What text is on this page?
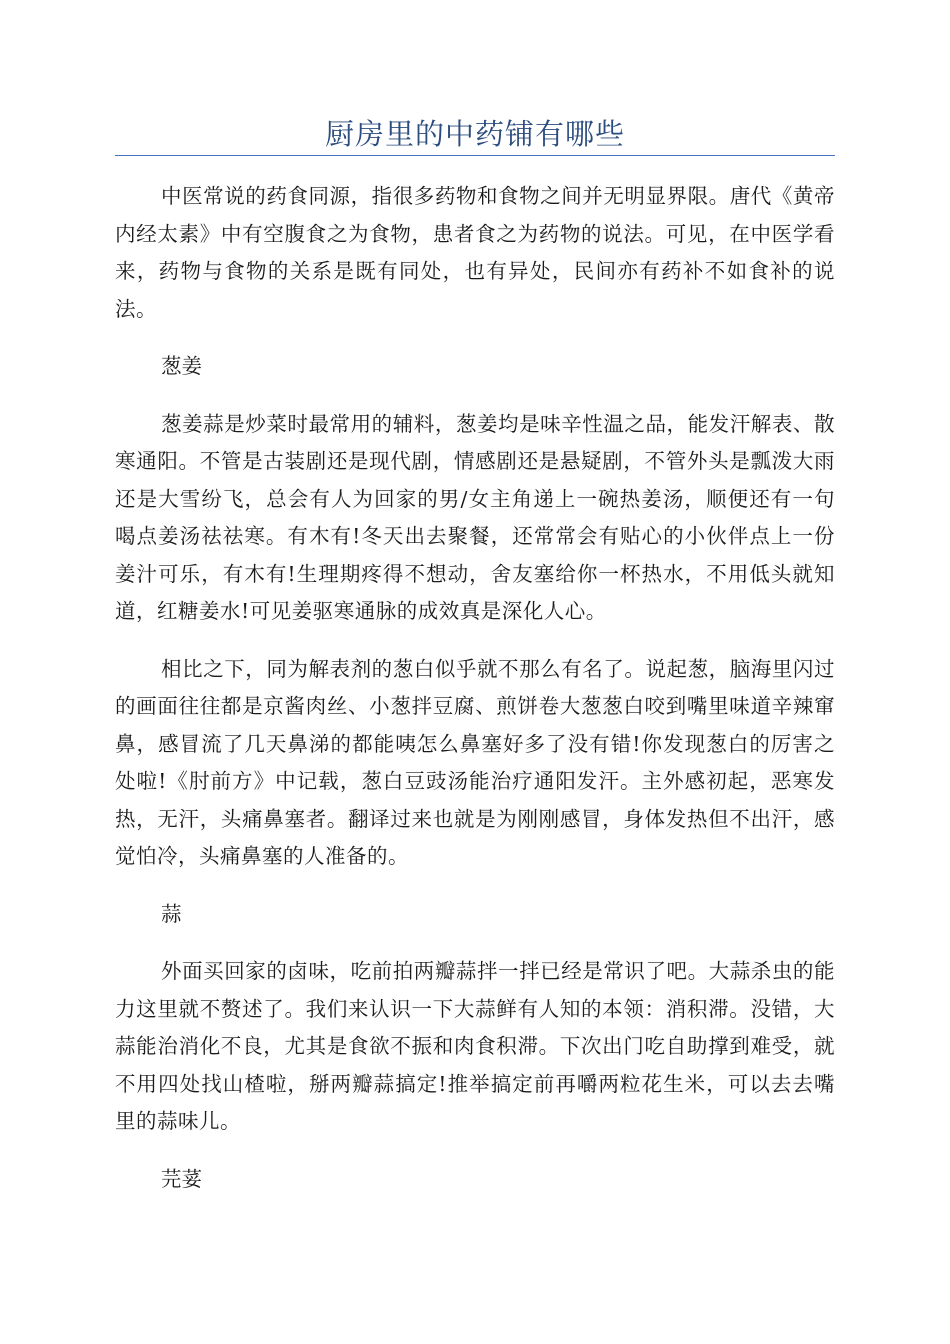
厨房里的中药铺有哪些

中医常说的药食同源，指很多药物和食物之间并无明显界限。唐代《黄帝内经太素》中有空腹食之为食物，患者食之为药物的说法。可见，在中医学看来，药物与食物的关系是既有同处，也有异处，民间亦有药补不如食补的说法。

葱姜

葱姜蒜是炒菜时最常用的辅料，葱姜均是味辛性温之品，能发汗解表、散寒通阳。不管是古装剧还是现代剧，情感剧还是悬疑剧，不管外头是瓢泼大雨还是大雪纷飞，总会有人为回家的男/女主角递上一碗热姜汤，顺便还有一句喝点姜汤祛祛寒。有木有!冬天出去聚餐，还常常会有贴心的小伙伴点上一份姜汁可乐，有木有!生理期疼得不想动，舍友塞给你一杯热水，不用低头就知道，红糖姜水!可见姜驱寒通脉的成效真是深化人心。

相比之下，同为解表剂的葱白似乎就不那么有名了。说起葱，脑海里闪过的画面往往都是京酱肉丝、小葱拌豆腐、煎饼卷大葱葱白咬到嘴里味道辛辣窜鼻，感冒流了几天鼻涕的都能咦怎么鼻塞好多了没有错!你发现葱白的厉害之处啦!《肘前方》中记载，葱白豆豉汤能治疗通阳发汗。主外感初起，恶寒发热，无汗，头痛鼻塞者。翻译过来也就是为刚刚感冒，身体发热但不出汗，感觉怕冷，头痛鼻塞的人准备的。

蒜

外面买回家的卤味，吃前拍两瓣蒜拌一拌已经是常识了吧。大蒜杀虫的能力这里就不赘述了。我们来认识一下大蒜鲜有人知的本领：消积滞。没错，大蒜能治消化不良，尤其是食欲不振和肉食积滞。下次出门吃自助撑到难受，就不用四处找山楂啦，掰两瓣蒜搞定!推举搞定前再嚼两粒花生米，可以去去嘴里的蒜味儿。

芫荽
